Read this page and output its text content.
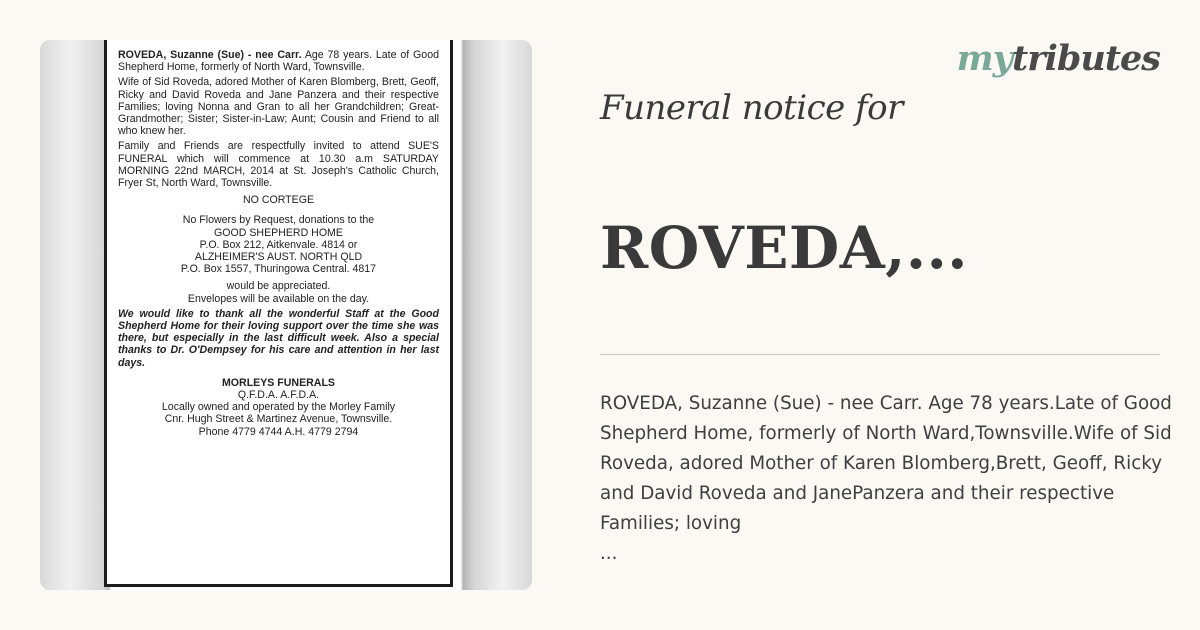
ROVEDA, Suzanne (Sue) - nee Carr. Age 78 years. Late of Good Shepherd Home, formerly of North Ward, Townsville.

Wife of Sid Roveda, adored Mother of Karen Blomberg, Brett, Geoff, Ricky and David Roveda and Jane Panzera and their respective Families; loving Nonna and Gran to all her Grandchildren; Great-Grandmother; Sister; Sister-in-Law; Aunt; Cousin and Friend to all who knew her.

Family and Friends are respectfully invited to attend SUE'S FUNERAL which will commence at 10.30 a.m SATURDAY MORNING 22nd MARCH, 2014 at St. Joseph's Catholic Church, Fryer St, North Ward, Townsville.

NO CORTEGE
No Flowers by Request, donations to the
GOOD SHEPHERD HOME
P.O. Box 212, Aitkenvale. 4814 or
ALZHEIMER'S AUST. NORTH QLD
P.O. Box 1557, Thuringowa Central. 4817
would be appreciated.
Envelopes will be available on the day.

We would like to thank all the wonderful Staff at the Good Shepherd Home for their loving support over the time she was there, but especially in the last difficult week. Also a special thanks to Dr. O'Dempsey for his care and attention in her last days.

MORLEYS FUNERALS
Q.F.D.A. A.F.D.A.
Locally owned and operated by the Morley Family
Cnr. Hugh Street & Martinez Avenue, Townsville.
Phone 4779 4744 A.H. 4779 2794
mytributes
Funeral notice for
ROVEDA,...
ROVEDA, Suzanne (Sue) - nee Carr. Age 78 years.Late of Good Shepherd Home, formerly of North Ward,Townsville.Wife of Sid Roveda, adored Mother of Karen Blomberg,Brett, Geoff, Ricky and David Roveda and JanePanzera and their respective Families; loving
...
